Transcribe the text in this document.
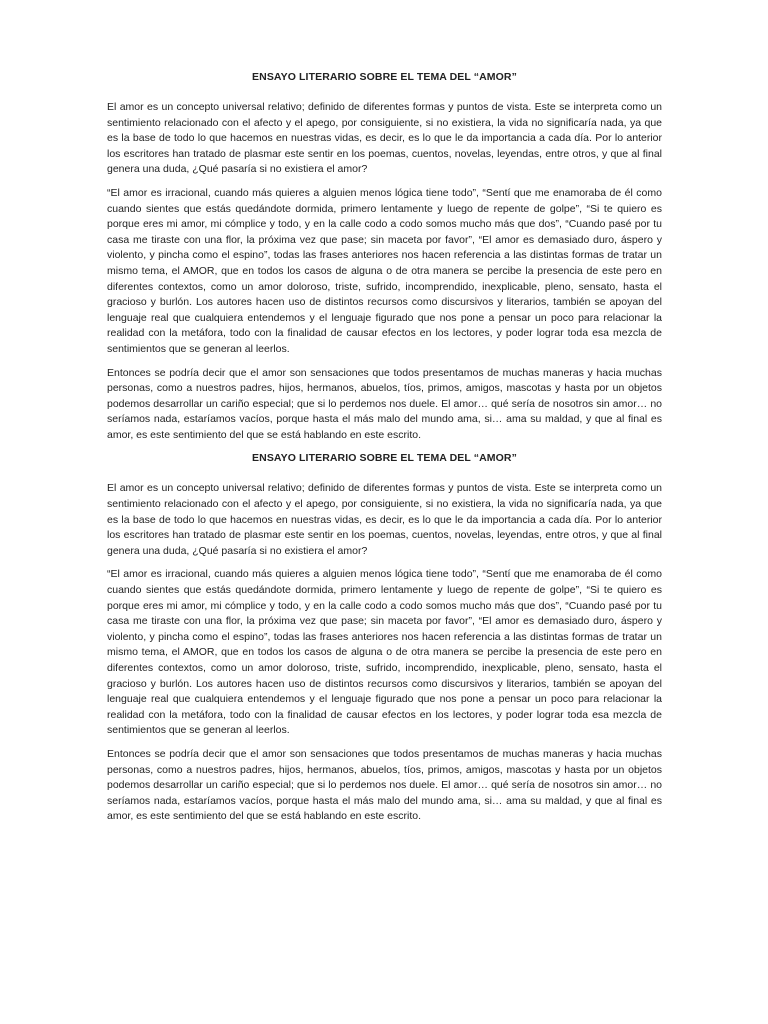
ENSAYO LITERARIO SOBRE EL TEMA DEL “AMOR”

El amor es un concepto universal relativo; definido de diferentes formas y puntos de vista. Este se interpreta como un sentimiento relacionado con el afecto y el apego, por consiguiente, si no existiera, la vida no significaría nada, ya que es la base de todo lo que hacemos en nuestras vidas, es decir, es lo que le da importancia a cada día. Por lo anterior los escritores han tratado de plasmar este sentir en los poemas, cuentos, novelas, leyendas, entre otros, y que al final genera una duda, ¿Qué pasaría si no existiera el amor?

“El amor es irracional, cuando más quieres a alguien menos lógica tiene todo”, “Sentí que me enamoraba de él como cuando sientes que estás quedándote dormida, primero lentamente y luego de repente de golpe”, “Si te quiero es porque eres mi amor, mi cómplice y todo, y en la calle codo a codo somos mucho más que dos”, “Cuando pasé por tu casa me tiraste con una flor, la próxima vez que pase; sin maceta por favor”, “El amor es demasiado duro, áspero y violento, y pincha como el espino”, todas las frases anteriores nos hacen referencia a las distintas formas de tratar un mismo tema, el AMOR, que en todos los casos de alguna o de otra manera se percibe la presencia de este pero en diferentes contextos, como un amor doloroso, triste, sufrido, incomprendido, inexplicable, pleno, sensato, hasta el gracioso y burlón. Los autores hacen uso de distintos recursos como discursivos y literarios, también se apoyan del lenguaje real que cualquiera entendemos y el lenguaje figurado que nos pone a pensar un poco para relacionar la realidad con la metáfora, todo con la finalidad de causar efectos en los lectores, y poder lograr toda esa mezcla de sentimientos que se generan al leerlos.

Entonces se podría decir que el amor son sensaciones que todos presentamos de muchas maneras y hacia muchas personas, como a nuestros padres, hijos, hermanos, abuelos, tíos, primos, amigos, mascotas y hasta por un objetos podemos desarrollar un cariño especial; que si lo perdemos nos duele. El amor… qué sería de nosotros sin amor… no seríamos nada, estaríamos vacíos, porque hasta el más malo del mundo ama, si… ama su maldad, y que al final es amor, es este sentimiento del que se está hablando en este escrito.

ENSAYO LITERARIO SOBRE EL TEMA DEL “AMOR”

El amor es un concepto universal relativo; definido de diferentes formas y puntos de vista. Este se interpreta como un sentimiento relacionado con el afecto y el apego, por consiguiente, si no existiera, la vida no significaría nada, ya que es la base de todo lo que hacemos en nuestras vidas, es decir, es lo que le da importancia a cada día. Por lo anterior los escritores han tratado de plasmar este sentir en los poemas, cuentos, novelas, leyendas, entre otros, y que al final genera una duda, ¿Qué pasaría si no existiera el amor?

“El amor es irracional, cuando más quieres a alguien menos lógica tiene todo”, “Sentí que me enamoraba de él como cuando sientes que estás quedándote dormida, primero lentamente y luego de repente de golpe”, “Si te quiero es porque eres mi amor, mi cómplice y todo, y en la calle codo a codo somos mucho más que dos”, “Cuando pasé por tu casa me tiraste con una flor, la próxima vez que pase; sin maceta por favor”, “El amor es demasiado duro, áspero y violento, y pincha como el espino”, todas las frases anteriores nos hacen referencia a las distintas formas de tratar un mismo tema, el AMOR, que en todos los casos de alguna o de otra manera se percibe la presencia de este pero en diferentes contextos, como un amor doloroso, triste, sufrido, incomprendido, inexplicable, pleno, sensato, hasta el gracioso y burlón. Los autores hacen uso de distintos recursos como discursivos y literarios, también se apoyan del lenguaje real que cualquiera entendemos y el lenguaje figurado que nos pone a pensar un poco para relacionar la realidad con la metáfora, todo con la finalidad de causar efectos en los lectores, y poder lograr toda esa mezcla de sentimientos que se generan al leerlos.

Entonces se podría decir que el amor son sensaciones que todos presentamos de muchas maneras y hacia muchas personas, como a nuestros padres, hijos, hermanos, abuelos, tíos, primos, amigos, mascotas y hasta por un objetos podemos desarrollar un cariño especial; que si lo perdemos nos duele. El amor… qué sería de nosotros sin amor… no seríamos nada, estaríamos vacíos, porque hasta el más malo del mundo ama, si… ama su maldad, y que al final es amor, es este sentimiento del que se está hablando en este escrito.
